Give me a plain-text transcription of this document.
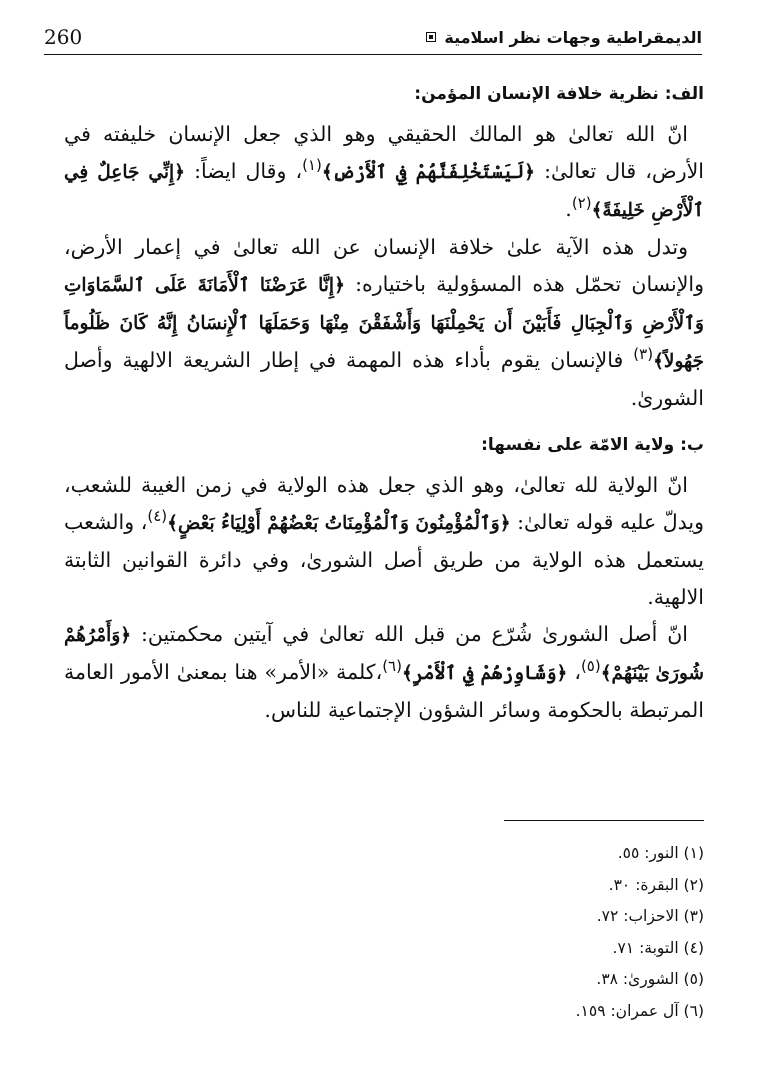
260	الديمقراطية وجهات نظر اسلامية
الف: نظرية خلافة الإنسان المؤمن:

انّ الله تعالىٰ هو المالك الحقيقي وهو الذي جعل الإنسان خليفته في الأرض، قال تعالىٰ: ﴿لَيَسْتَخْلِفَنَّهُمْ فِي ٱلْأَرْضِ﴾$^{(١)}$، وقال ايضاً: ﴿إِنِّي جَاعِلٌ فِي ٱلْأَرْضِ خَلِيفَةً﴾$^{(٢)}$.

وتدل هذه الآية علىٰ خلافة الإنسان عن الله تعالىٰ في إعمار الأرض، والإنسان تحمّل هذه المسؤولية باختياره: ﴿إِنَّا عَرَضْنَا ٱلْأَمَانَةَ عَلَى ٱلسَّمَاوَاتِ وَٱلْأَرْضِ وَٱلْجِبَالِ فَأَبَيْنَ أَن يَحْمِلْنَهَا وَأَشْفَقْنَ مِنْهَا وَحَمَلَهَا ٱلْإِنسَانُ إِنَّهُ كَانَ ظَلُوماً جَهُولاً﴾$^{(٣)}$ فالإنسان يقوم بأداء هذه المهمة في إطار الشريعة الالهية وأصل الشورىٰ.

ب: ولاية الامّة على نفسها:

انّ الولاية لله تعالىٰ، وهو الذي جعل هذه الولاية في زمن الغيبة للشعب، ويدلّ عليه قوله تعالىٰ: ﴿وَٱلْمُؤْمِنُونَ وَٱلْمُؤْمِنَاتُ بَعْضُهُمْ أَوْلِيَاءُ بَعْضٍ﴾$^{(٤)}$، والشعب يستعمل هذه الولاية من طريق أصل الشورىٰ، وفي دائرة القوانين الثابتة الالهية.

انّ أصل الشورىٰ شُرّع من قبل الله تعالىٰ في آيتين محكمتين: ﴿وَأَمْرُهُمْ شُورَىٰ بَيْنَهُمْ﴾$^{(٥)}$، ﴿وَشَاوِرْهُمْ فِي ٱلْأَمْرِ﴾$^{(٦)}$،كلمة «الأمر» هنا بمعنىٰ الأمور العامة المرتبطة بالحكومة وسائر الشؤون الإجتماعية للناس.

(١) النور: ٥٥.

(٢) البقرة: ٣٠.

(٣) الاحزاب: ٧٢.

(٤) التوبة: ٧١.

(٥) الشورىٰ: ٣٨.

(٦) آل عمران: ١٥٩.
